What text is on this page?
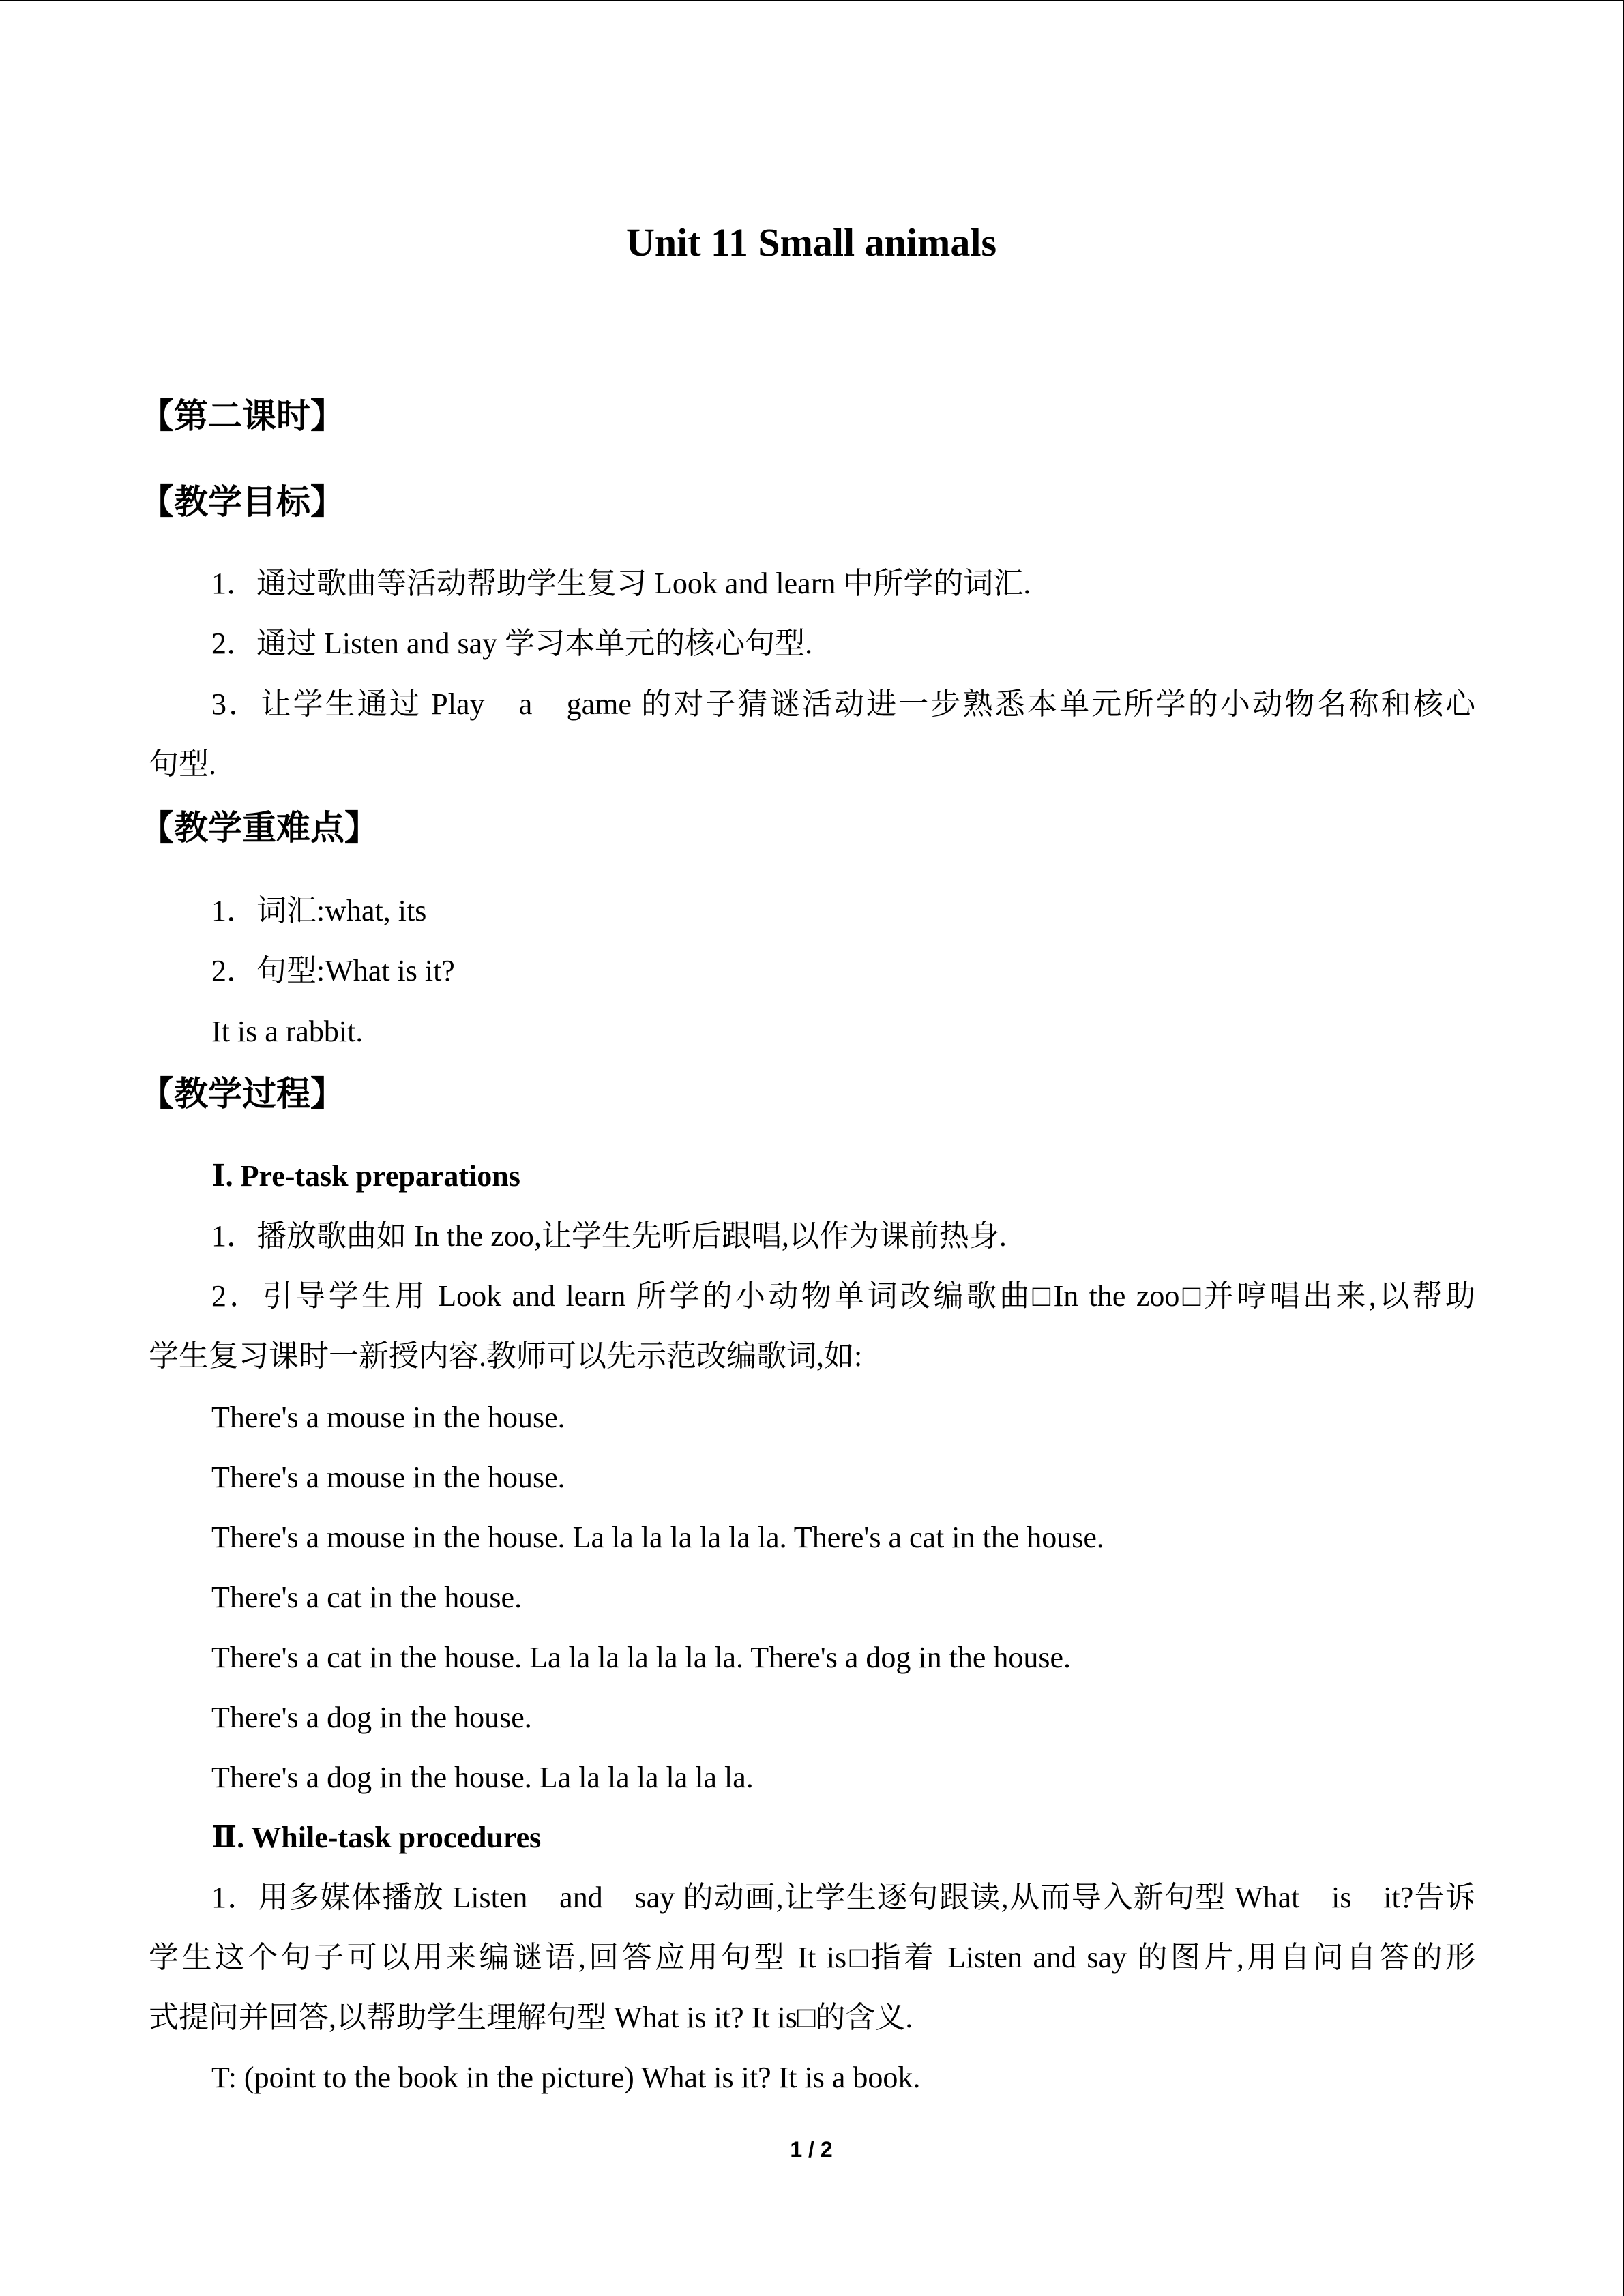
Unit 11 Small animals
【第二课时】
【教学目标】
1．通过歌曲等活动帮助学生复习 Look and learn 中所学的词汇.
2．通过 Listen and say 学习本单元的核心句型.
3．让学生通过 Play　a　game 的对子猜谜活动进一步熟悉本单元所学的小动物名称和核心
句型.
【教学重难点】
1．词汇:what, its
2．句型:What is it?
It is a rabbit.
【教学过程】
Ⅰ. Pre-task preparations
1．播放歌曲如 In the zoo,让学生先听后跟唱,以作为课前热身.
2．引导学生用 Look and learn 所学的小动物单词改编歌曲□In the zoo□并哼唱出来,以帮助
学生复习课时一新授内容.教师可以先示范改编歌词,如:
There's a mouse in the house.
There's a mouse in the house.
There's a mouse in the house. La la la la la la la. There's a cat in the house.
There's a cat in the house.
There's a cat in the house. La la la la la la la. There's a dog in the house.
There's a dog in the house.
There's a dog in the house. La la la la la la la.
Ⅱ. While-task procedures
1．用多媒体播放 Listen　and　say 的动画,让学生逐句跟读,从而导入新句型 What　is　it?告诉
学生这个句子可以用来编谜语,回答应用句型 It is□指着 Listen and say 的图片,用自问自答的形
式提问并回答,以帮助学生理解句型 What is it? It is□的含义.
T: (point to the book in the picture) What is it? It is a book.
1 / 2
